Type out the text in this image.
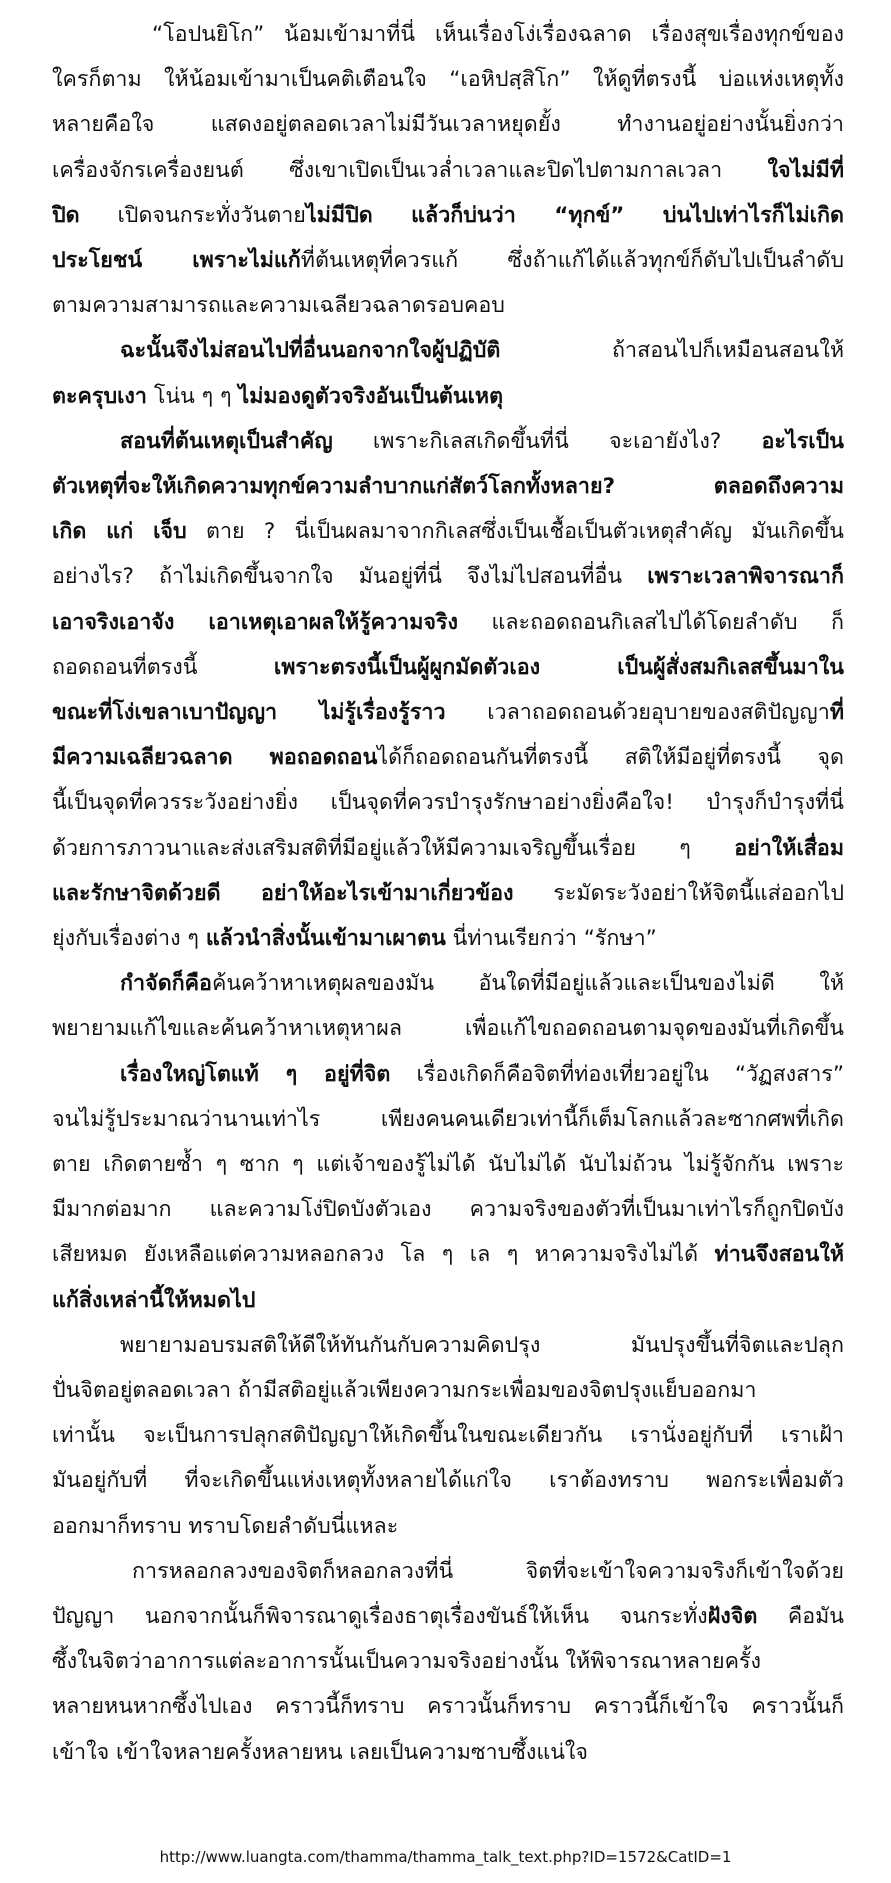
“โอปนยิโก” น้อมเข้ามาที่นี่ เห็นเรื่องโง่เรื่องฉลาด เรื่องสุขเรื่องทุกข์ของ
ใครก็ตาม ให้น้อมเข้ามาเป็นคติเตือนใจ “เอหิปสฺสิโก” ให้ดูที่ตรงนี้ บ่อแห่งเหตุทั้ง
หลายคือใจ แสดงอยู่ตลอดเวลาไม่มีวันเวลาหยุดยั้ง ทำงานอยู่อย่างนั้นยิ่งกว่า
เครื่องจักรเครื่องยนต์ ซึ่งเขาเปิดเป็นเวล่ำเวลาและปิดไปตามกาลเวลา ใจไม่มีที่
ปิด เปิดจนกระทั่งวันตายไม่มีปิด แล้วก็บ่นว่า “ทุกข์” บ่นไปเท่าไรก็ไม่เกิด
ประโยชน์ เพราะไม่แก้ที่ต้นเหตุที่ควรแก้ ซึ่งถ้าแก้ได้แล้วทุกข์ก็ดับไปเป็นลำดับ
ตามความสามารถและความเฉลียวฉลาดรอบคอบ
ฉะนั้นจึงไม่สอนไปที่อื่นนอกจากใจผู้ปฏิบัติ ถ้าสอนไปก็เหมือนสอนให้
ตะครุบเงา โน่น ๆ ๆ ไม่มองดูตัวจริงอันเป็นต้นเหตุ
สอนที่ต้นเหตุเป็นสำคัญ เพราะกิเลสเกิดขึ้นที่นี่ จะเอายังไง? อะไรเป็น
ตัวเหตุที่จะให้เกิดความทุกข์ความลำบากแก่สัตว์โลกทั้งหลาย? ตลอดถึงความ
เกิด แก่ เจ็บ ตาย ? นี่เป็นผลมาจากกิเลสซึ่งเป็นเชื้อเป็นตัวเหตุสำคัญ มันเกิดขึ้น
อย่างไร? ถ้าไม่เกิดขึ้นจากใจ มันอยู่ที่นี่ จึงไม่ไปสอนที่อื่น เพราะเวลาพิจารณาก็
เอาจริงเอาจัง เอาเหตุเอาผลให้รู้ความจริง และถอดถอนกิเลสไปได้โดยลำดับ ก็
ถอดถอนที่ตรงนี้ เพราะตรงนี้เป็นผู้ผูกมัดตัวเอง เป็นผู้สั่งสมกิเลสขึ้นมาใน
ขณะที่โง่เขลาเบาปัญญา ไม่รู้เรื่องรู้ราว เวลาถอดถอนด้วยอุบายของสติปัญญาที่
มีความเฉลียวฉลาด พอถอดถอนได้ก็ถอดถอนกันที่ตรงนี้ สติให้มีอยู่ที่ตรงนี้ จุด
นี้เป็นจุดที่ควรระวังอย่างยิ่ง เป็นจุดที่ควรบำรุงรักษาอย่างยิ่งคือใจ! บำรุงก็บำรุงที่นี่
ด้วยการภาวนาและส่งเสริมสติที่มีอยู่แล้วให้มีความเจริญขึ้นเรื่อย ๆ อย่าให้เสื่อม
และรักษาจิตด้วยดี อย่าให้อะไรเข้ามาเกี่ยวข้อง ระมัดระวังอย่าให้จิตนี้แส่ออกไป
ยุ่งกับเรื่องต่าง ๆ แล้วนำสิ่งนั้นเข้ามาเผาตน นี่ท่านเรียกว่า “รักษา”
กำจัดก็คือค้นคว้าหาเหตุผลของมัน อันใดที่มีอยู่แล้วและเป็นของไม่ดี ให้
พยายามแก้ไขและค้นคว้าหาเหตุหาผล เพื่อแก้ไขถอดถอนตามจุดของมันที่เกิดขึ้น
เรื่องใหญ่โตแท้ ๆ อยู่ที่จิต เรื่องเกิดก็คือจิตที่ท่องเที่ยวอยู่ใน “วัฏสงสาร”
จนไม่รู้ประมาณว่านานเท่าไร เพียงคนคนเดียวเท่านี้ก็เต็มโลกแล้วละซากศพที่เกิด
ตาย เกิดตายซ้ำ ๆ ซาก ๆ แต่เจ้าของรู้ไม่ได้ นับไม่ได้ นับไม่ถ้วน ไม่รู้จักกัน เพราะ
มีมากต่อมาก และความโง่ปิดบังตัวเอง ความจริงของตัวที่เป็นมาเท่าไรก็ถูกปิดบัง
เสียหมด ยังเหลือแต่ความหลอกลวง โล ๆ เล ๆ หาความจริงไม่ได้ ท่านจึงสอนให้
แก้สิ่งเหล่านี้ให้หมดไป
พยายามอบรมสติให้ดีให้ทันกันกับความคิดปรุง มันปรุงขึ้นที่จิตและปลุก
ปั่นจิตอยู่ตลอดเวลา ถ้ามีสติอยู่แล้วเพียงความกระเพื่อมของจิตปรุงแย็บออกมา
เท่านั้น จะเป็นการปลุกสติปัญญาให้เกิดขึ้นในขณะเดียวกัน เรานั่งอยู่กับที่ เราเฝ้า
มันอยู่กับที่ ที่จะเกิดขึ้นแห่งเหตุทั้งหลายได้แก่ใจ เราต้องทราบ พอกระเพื่อมตัว
ออกมาก็ทราบ ทราบโดยลำดับนี่แหละ
การหลอกลวงของจิตก็หลอกลวงที่นี่ จิตที่จะเข้าใจความจริงก็เข้าใจด้วย
ปัญญา นอกจากนั้นก็พิจารณาดูเรื่องธาตุเรื่องขันธ์ให้เห็น จนกระทั่งฝังจิต คือมัน
ซึ้งในจิตว่าอาการแต่ละอาการนั้นเป็นความจริงอย่างนั้น ให้พิจารณาหลายครั้ง
หลายหนหากซึ้งไปเอง คราวนี้ก็ทราบ คราวนั้นก็ทราบ คราวนี้ก็เข้าใจ คราวนั้นก็
เข้าใจ เข้าใจหลายครั้งหลายหน เลยเป็นความซาบซึ้งแน่ใจ
http://www.luangta.com/thamma/thamma_talk_text.php?ID=1572&CatID=1
